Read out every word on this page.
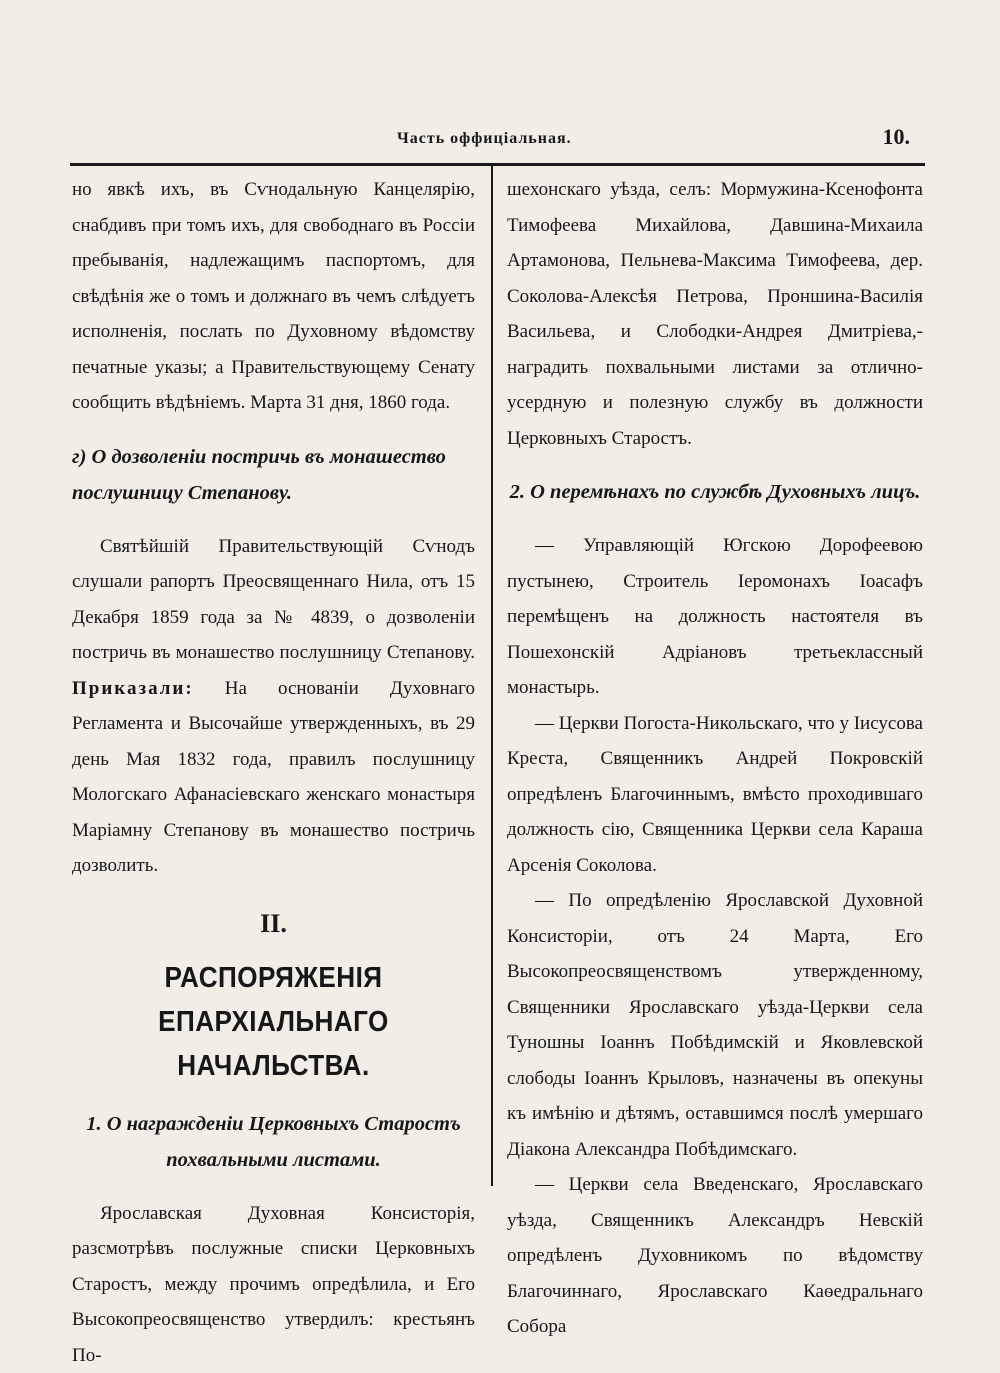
Часть оффиціальная.	10.

но явкѣ ихъ, въ Сѵнодальную Канцелярію, снабдивъ при томъ ихъ, для свободнаго въ Россіи пребыванія, надлежащимъ паспортомъ, для свѣдѣнія же о томъ и должнаго въ чемъ слѣдуетъ исполненія, послать по Духовному вѣдомству печатные указы; а Правительствующему Сенату сообщить вѣдѣніемъ. Марта 31 дня, 1860 года.

г) О дозволеніи постричь въ монашество послушницу Степанову.

Святѣйшій Правительствующій Сѵнодъ слушали рапортъ Преосвященнаго Нила, отъ 15 Декабря 1859 года за № 4839, о дозволеніи постричь въ монашество послушницу Степанову. Приказали: На основаніи Духовнаго Регламента и Высочайше утвержденныхъ, въ 29 день Мая 1832 года, правилъ послушницу Мологскаго Афанасіевскаго женскаго монастыря Маріамну Степанову въ монашество постричь дозволить.

II.

РАСПОРЯЖЕНІЯ ЕПАРХІАЛЬНАГО

НАЧАЛЬСТВА.

1. О награжденіи Церковныхъ Старостъ похвальными листами.

Ярославская Духовная Консисторія, разсмотрѣвъ послужные списки Церковныхъ Старостъ, между прочимъ опредѣлила, и Его Высокопреосвященство утвердилъ: крестьянъ По-

шехонскаго уѣзда, селъ: Мормужина-Ксенофонта Тимофеева Михайлова, Давшина-Михаила Артамонова, Пельнева-Максима Тимофеева, дер. Соколова-Алексѣя Петрова, Проншина-Василія Васильева, и Слободки-Андрея Дмитріева,-наградить похвальными листами за отлично-усердную и полезную службу въ должности Церковныхъ Старостъ.

2. О перемѣнахъ по службѣ Духовныхъ лицъ.

— Управляющій Югскою Дорофеевою пустынею, Строитель Іеромонахъ Іоасафъ перемѣщенъ на должность настоятеля въ Пошехонскій Адріановъ третьеклассный монастырь.

— Церкви Погоста-Никольскаго, что у Іисусова Креста, Священникъ Андрей Покровскій опредѣленъ Благочиннымъ, вмѣсто проходившаго должность сію, Священника Церкви села Караша Арсенія Соколова.

— По опредѣленію Ярославской Духовной Консисторіи, отъ 24 Марта, Его Высокопреосвященствомъ утвержденному, Священники Ярославскаго уѣзда-Церкви села Туношны Іоаннъ Побѣдимскій и Яковлевской слободы Іоаннъ Крыловъ, назначены въ опекуны къ имѣнію и дѣтямъ, оставшимся послѣ умершаго Діакона Александра Побѣдимскаго.

— Церкви села Введенскаго, Ярославскаго уѣзда, Священникъ Александръ Невскій опредѣленъ Духовникомъ по вѣдомству Благочиннаго, Ярославскаго Каѳедральнаго Собора
